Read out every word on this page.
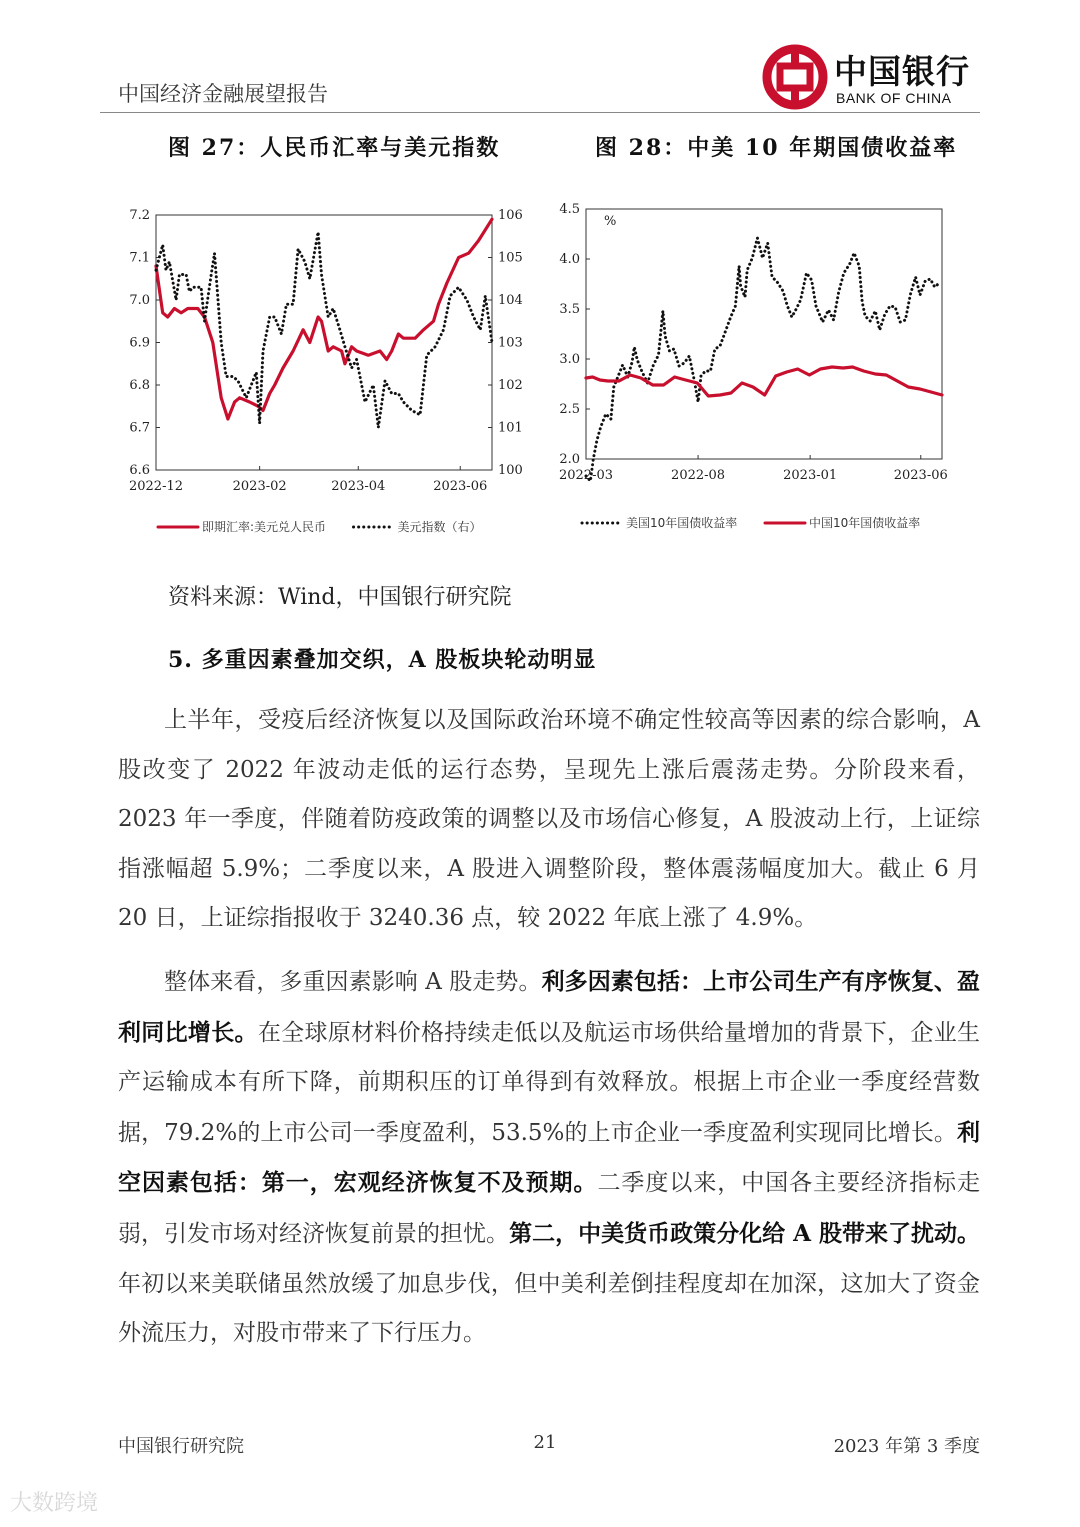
中国经济金融展望报告
中国银行
BANK OF CHINA
图 27：人民币汇率与美元指数	图 28：中美 10 年期国债收益率
6.6
6.7
6.8
6.9
7.0
7.1
7.2
100
101
102
103
104
105
106
2022-12	2023-02	2023-04	2023-06
即期汇率:美元兑人民币	美元指数（右）
2.0
2.5
3.0
3.5
4.0
4.5
%
2022-03	2022-08	2023-01	2023-06
美国10年国债收益率	中国10年国债收益率
资料来源：Wind，中国银行研究院
5. 多重因素叠加交织，A 股板块轮动明显

上半年，受疫后经济恢复以及国际政治环境不确定性较高等因素的综合影响，A 股改变了 2022 年波动走低的运行态势，呈现先上涨后震荡走势。分阶段来看，2023 年一季度，伴随着防疫政策的调整以及市场信心修复，A 股波动上行，上证综指涨幅超 5.9%；二季度以来，A 股进入调整阶段，整体震荡幅度加大。截止 6 月 20 日，上证综指报收于 3240.36 点，较 2022 年底上涨了 4.9%。

整体来看，多重因素影响 A 股走势。利多因素包括：上市公司生产有序恢复、盈利同比增长。在全球原材料价格持续走低以及航运市场供给量增加的背景下，企业生产运输成本有所下降，前期积压的订单得到有效释放。根据上市企业一季度经营数据，79.2%的上市公司一季度盈利，53.5%的上市企业一季度盈利实现同比增长。利空因素包括：第一，宏观经济恢复不及预期。二季度以来，中国各主要经济指标走弱，引发市场对经济恢复前景的担忧。第二，中美货币政策分化给 A 股带来了扰动。年初以来美联储虽然放缓了加息步伐，但中美利差倒挂程度却在加深，这加大了资金外流压力，对股市带来了下行压力。

中国银行研究院	21	2023 年第 3 季度
大数跨境
